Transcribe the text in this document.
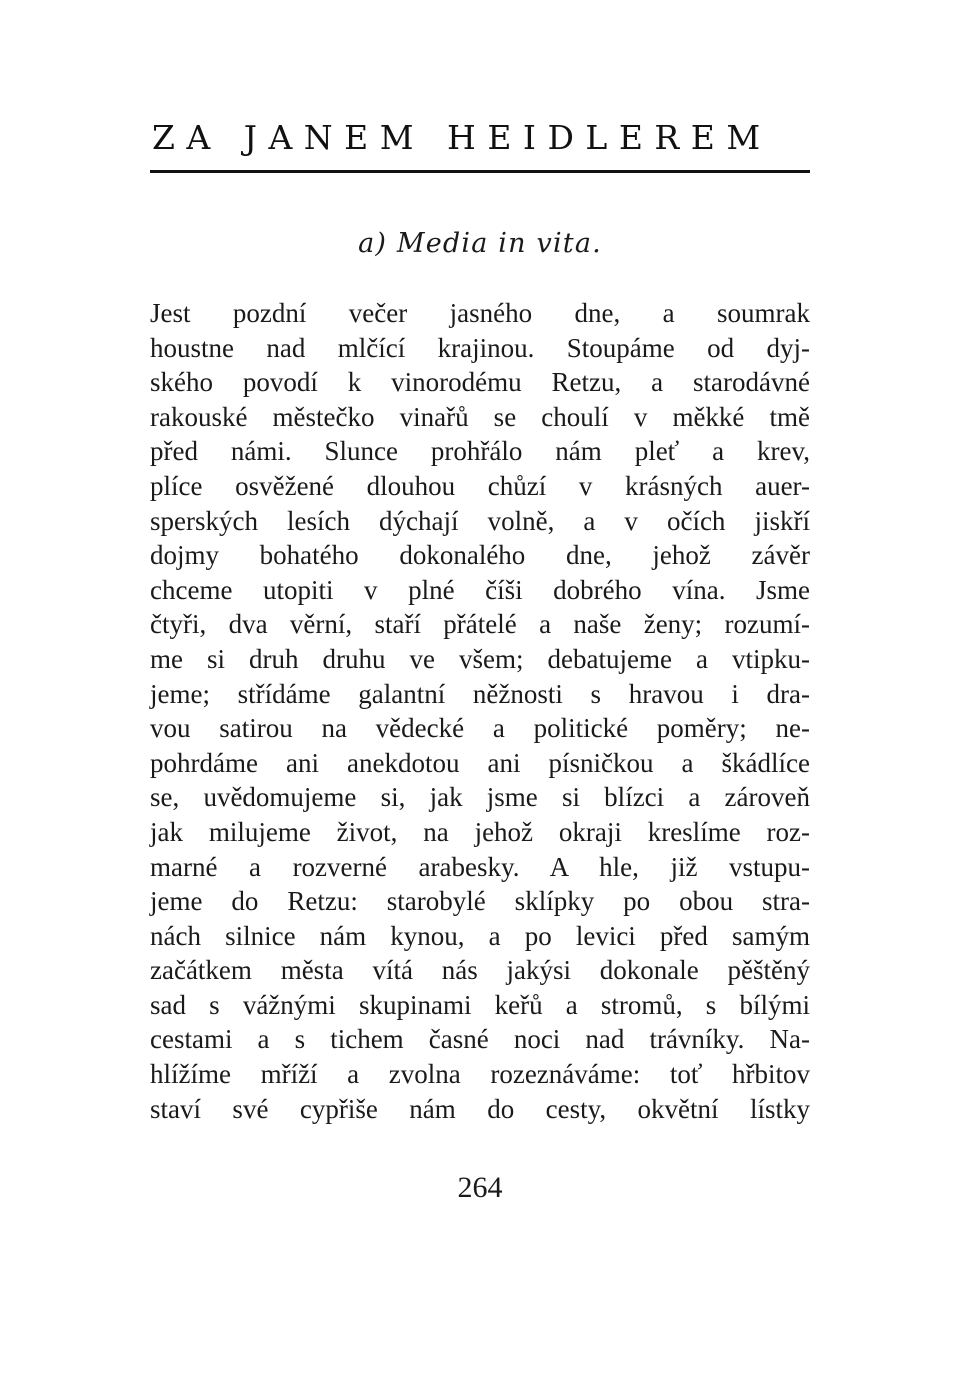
ZA JANEM HEIDLEREM
a) Media in vita.
Jest pozdní večer jasného dne, a soumrak
houstne nad mlčící krajinou. Stoupáme od dyj-
ského povodí k vinorodému Retzu, a starodávné
rakouské městečko vinařů se choulí v měkké tmě
před námi. Slunce prohřálo nám pleť a krev,
plíce osvěžené dlouhou chůzí v krásných auer-
sperských lesích dýchají volně, a v očích jiskří
dojmy bohatého dokonalého dne, jehož závěr
chceme utopiti v plné číši dobrého vína. Jsme
čtyři, dva věrní, staří přátelé a naše ženy; rozumí-
me si druh druhu ve všem; debatujeme a vtipku-
jeme; střídáme galantní něžnosti s hravou i dra-
vou satirou na vědecké a politické poměry; ne-
pohrdáme ani anekdotou ani písničkou a škádlíce
se, uvědomujeme si, jak jsme si blízci a zároveň
jak milujeme život, na jehož okraji kreslíme roz-
marné a rozverné arabesky. A hle, již vstupu-
jeme do Retzu: starobylé sklípky po obou stra-
nách silnice nám kynou, a po levici před samým
začátkem města vítá nás jakýsi dokonale pěštěný
sad s vážnými skupinami keřů a stromů, s bílými
cestami a s tichem časné noci nad trávníky. Na-
hlížíme mříží a zvolna rozeznáváme: toť hřbitov
staví své cypřiše nám do cesty, okvětní lístky
264
